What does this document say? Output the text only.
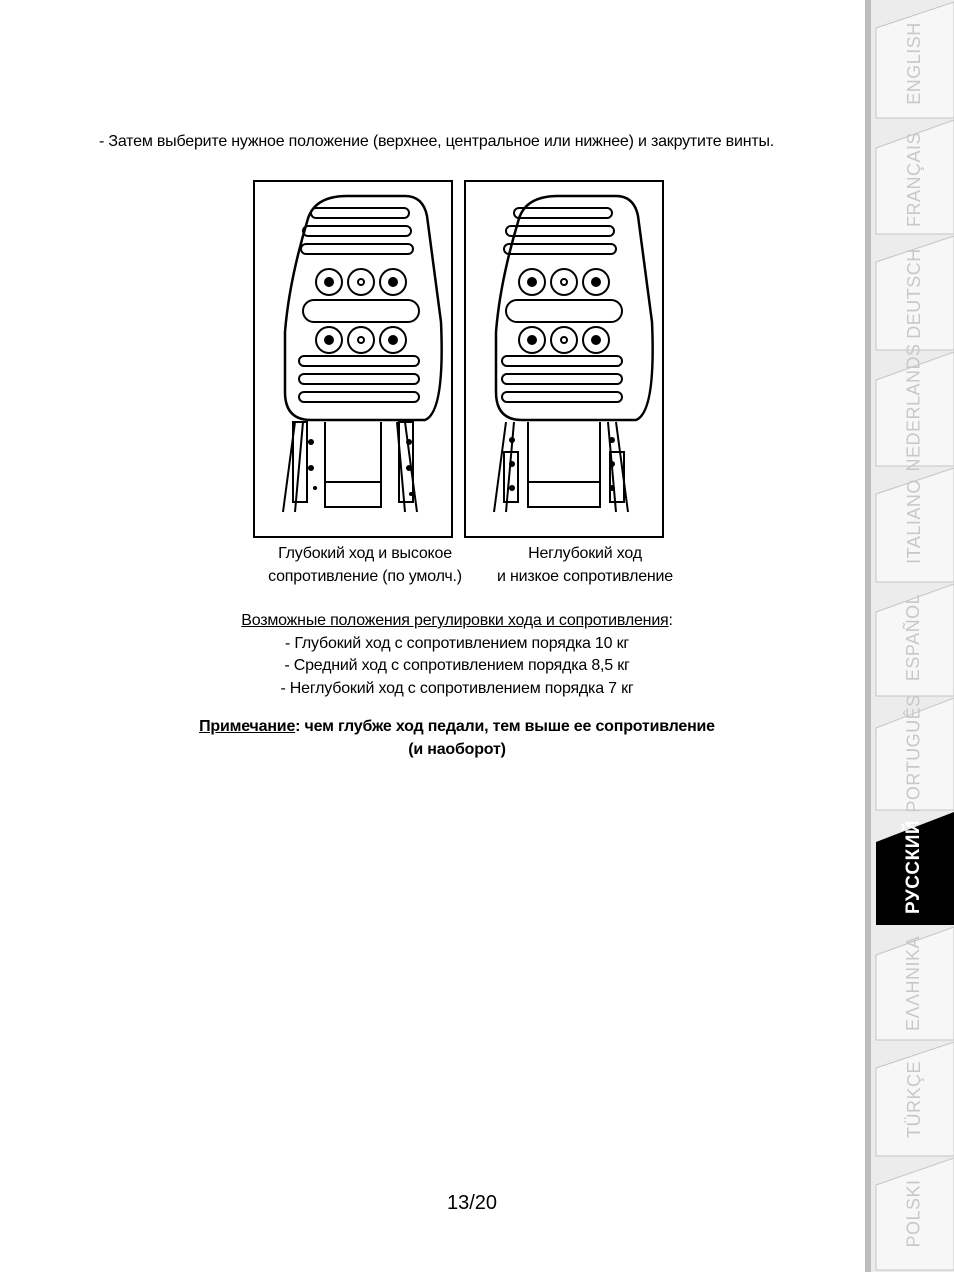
- Затем выберите нужное положение (верхнее, центральное или нижнее) и закрутите винты.
Глубокий ход и высокое
сопротивление (по умолч.)
Неглубокий ход
и низкое сопротивление
Возможные положения регулировки хода и сопротивления:
- Глубокий ход с сопротивлением порядка 10 кг
- Средний ход с сопротивлением порядка 8,5 кг
- Неглубокий ход с сопротивлением порядка 7 кг
Примечание: чем глубже ход педали, тем выше ее сопротивление
(и наоборот)
13/20
ENGLISH
FRANÇAIS
DEUTSCH
NEDERLANDS
ITALIANO
ESPAÑOL
PORTUGUÊS
РУССКИЙ
ΕΛΛΗΝΙΚΑ
TÜRKÇE
POLSKI
